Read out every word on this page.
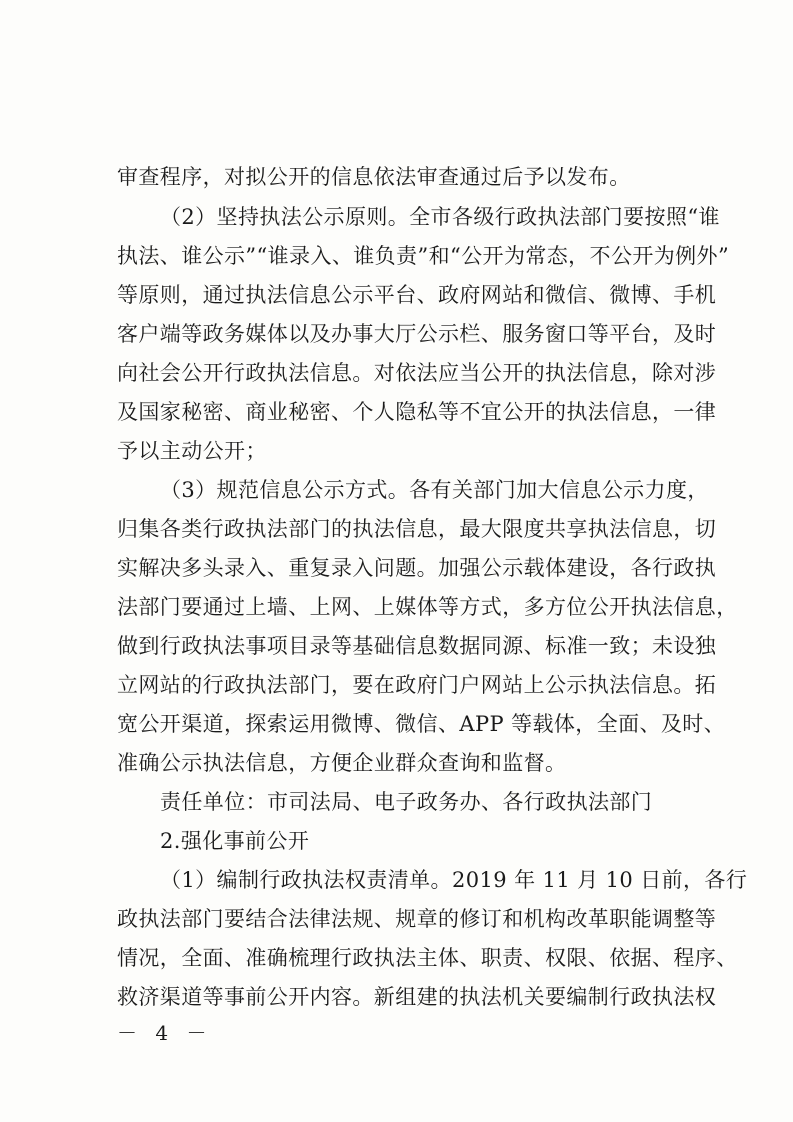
审查程序，对拟公开的信息依法审查通过后予以发布。
（2）坚持执法公示原则。全市各级行政执法部门要按照“谁
执法、谁公示”“谁录入、谁负责”和“公开为常态，不公开为例外”
等原则，通过执法信息公示平台、政府网站和微信、微博、手机
客户端等政务媒体以及办事大厅公示栏、服务窗口等平台，及时
向社会公开行政执法信息。对依法应当公开的执法信息，除对涉
及国家秘密、商业秘密、个人隐私等不宜公开的执法信息，一律
予以主动公开；
（3）规范信息公示方式。各有关部门加大信息公示力度，
归集各类行政执法部门的执法信息，最大限度共享执法信息，切
实解决多头录入、重复录入问题。加强公示载体建设，各行政执
法部门要通过上墙、上网、上媒体等方式，多方位公开执法信息，
做到行政执法事项目录等基础信息数据同源、标准一致；未设独
立网站的行政执法部门，要在政府门户网站上公示执法信息。拓
宽公开渠道，探索运用微博、微信、APP 等载体，全面、及时、
准确公示执法信息，方便企业群众查询和监督。
责任单位：市司法局、电子政务办、各行政执法部门
2.强化事前公开
（1）编制行政执法权责清单。2019 年 11 月 10 日前，各行
政执法部门要结合法律法规、规章的修订和机构改革职能调整等
情况，全面、准确梳理行政执法主体、职责、权限、依据、程序、
救济渠道等事前公开内容。新组建的执法机关要编制行政执法权
－ 4 －
